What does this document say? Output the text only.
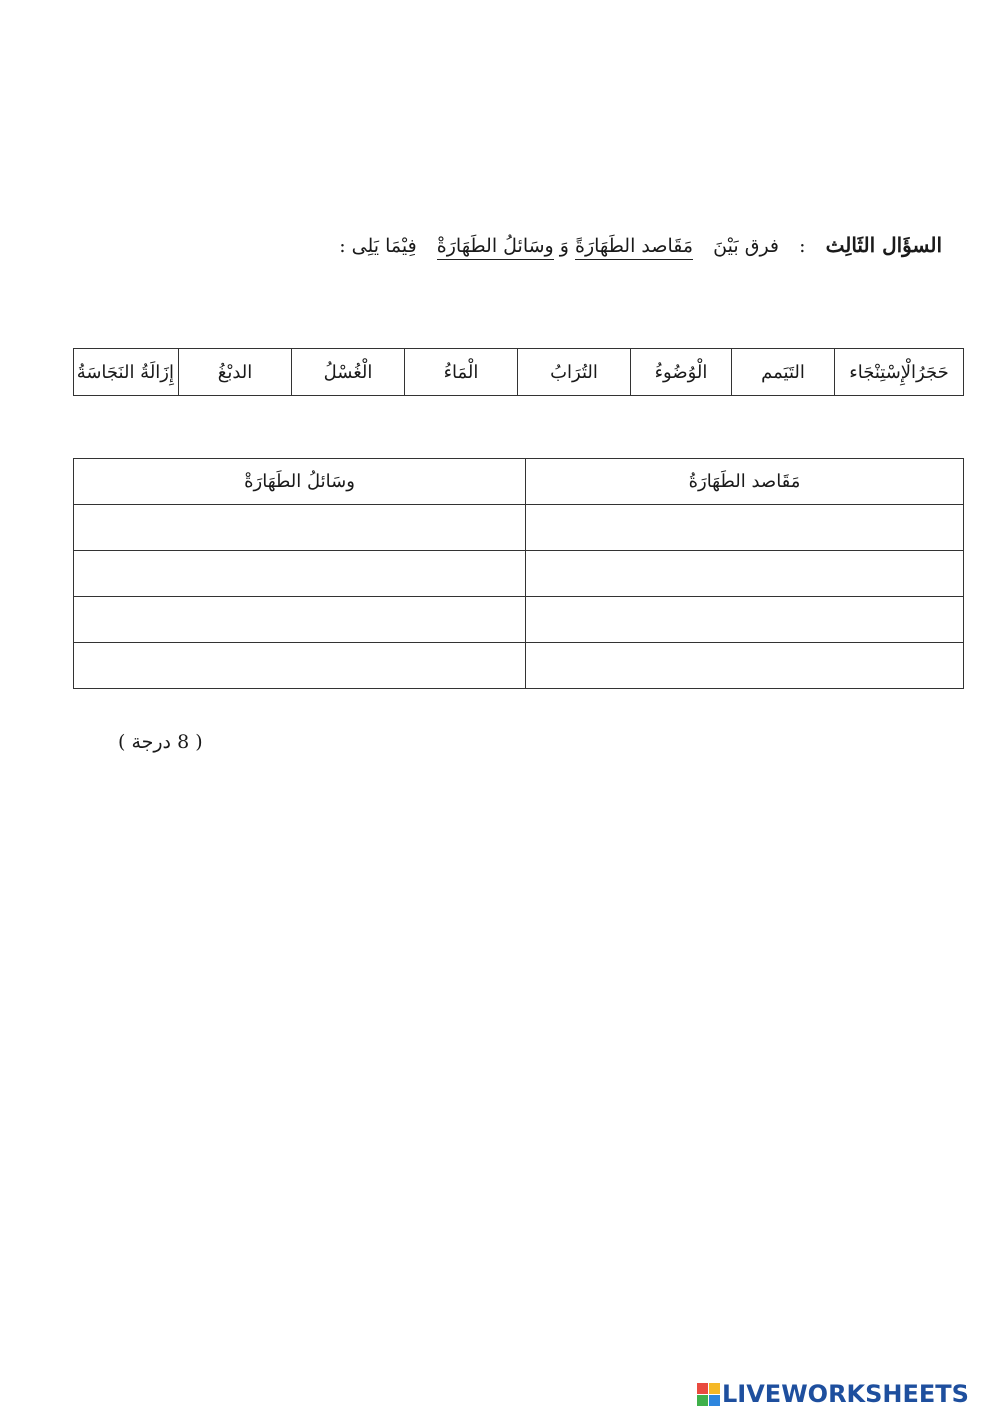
السؤَال الثَالِث  :  فرق بَيْنَ  مَقَاصد الطَهَارَةً وَ وسَائلُ الطَهَارَةْ  فِيْمَا يَلِى :
حَجَرُالْإِسْتِنْجَاء	التَيَمم	الْوُضُوءُ	التُرَابُ	الْمَاءُ	الْغُسْلُ	الدبْغُ	إِزَالَةُ النَجَاسَةُ
مَقَاصد الطَهَارَةُ	وسَائلُ الطَهَارَةْ

( 8 درجة )
LIVEWORKSHEETS
